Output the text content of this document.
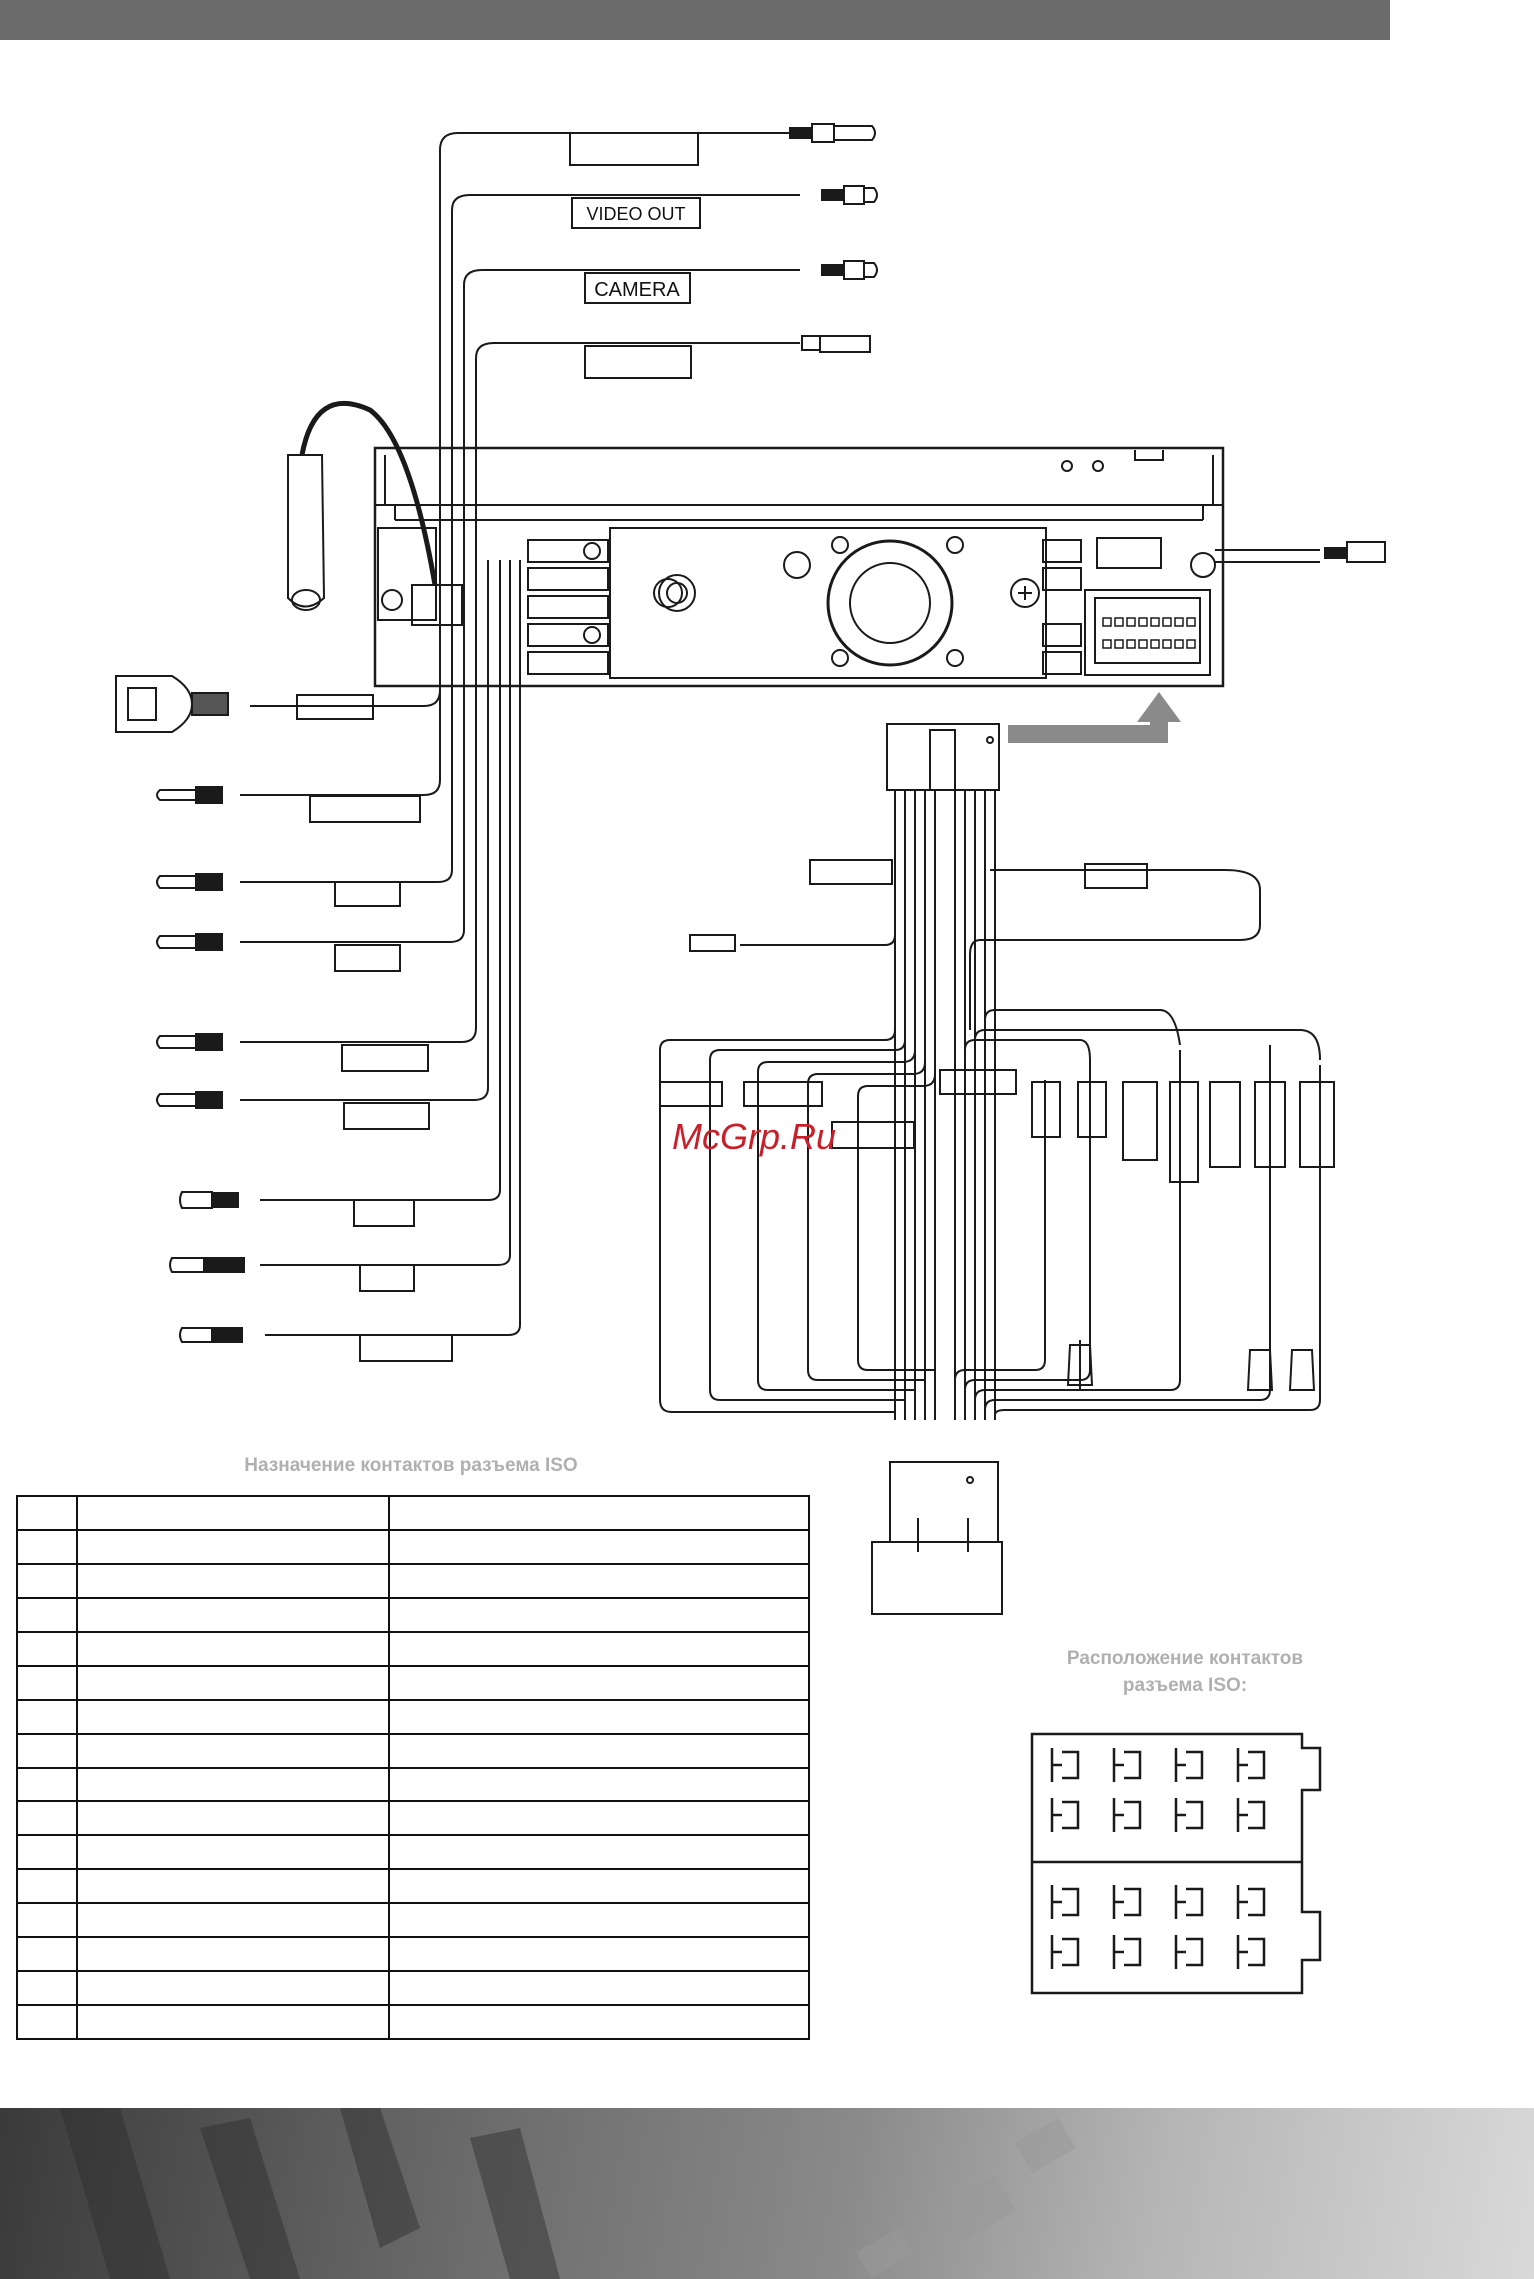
VIDEO OUT
CAMERA
McGrp.Ru
Назначение контактов разъема ISO

Расположение контактов
разъема ISO:
